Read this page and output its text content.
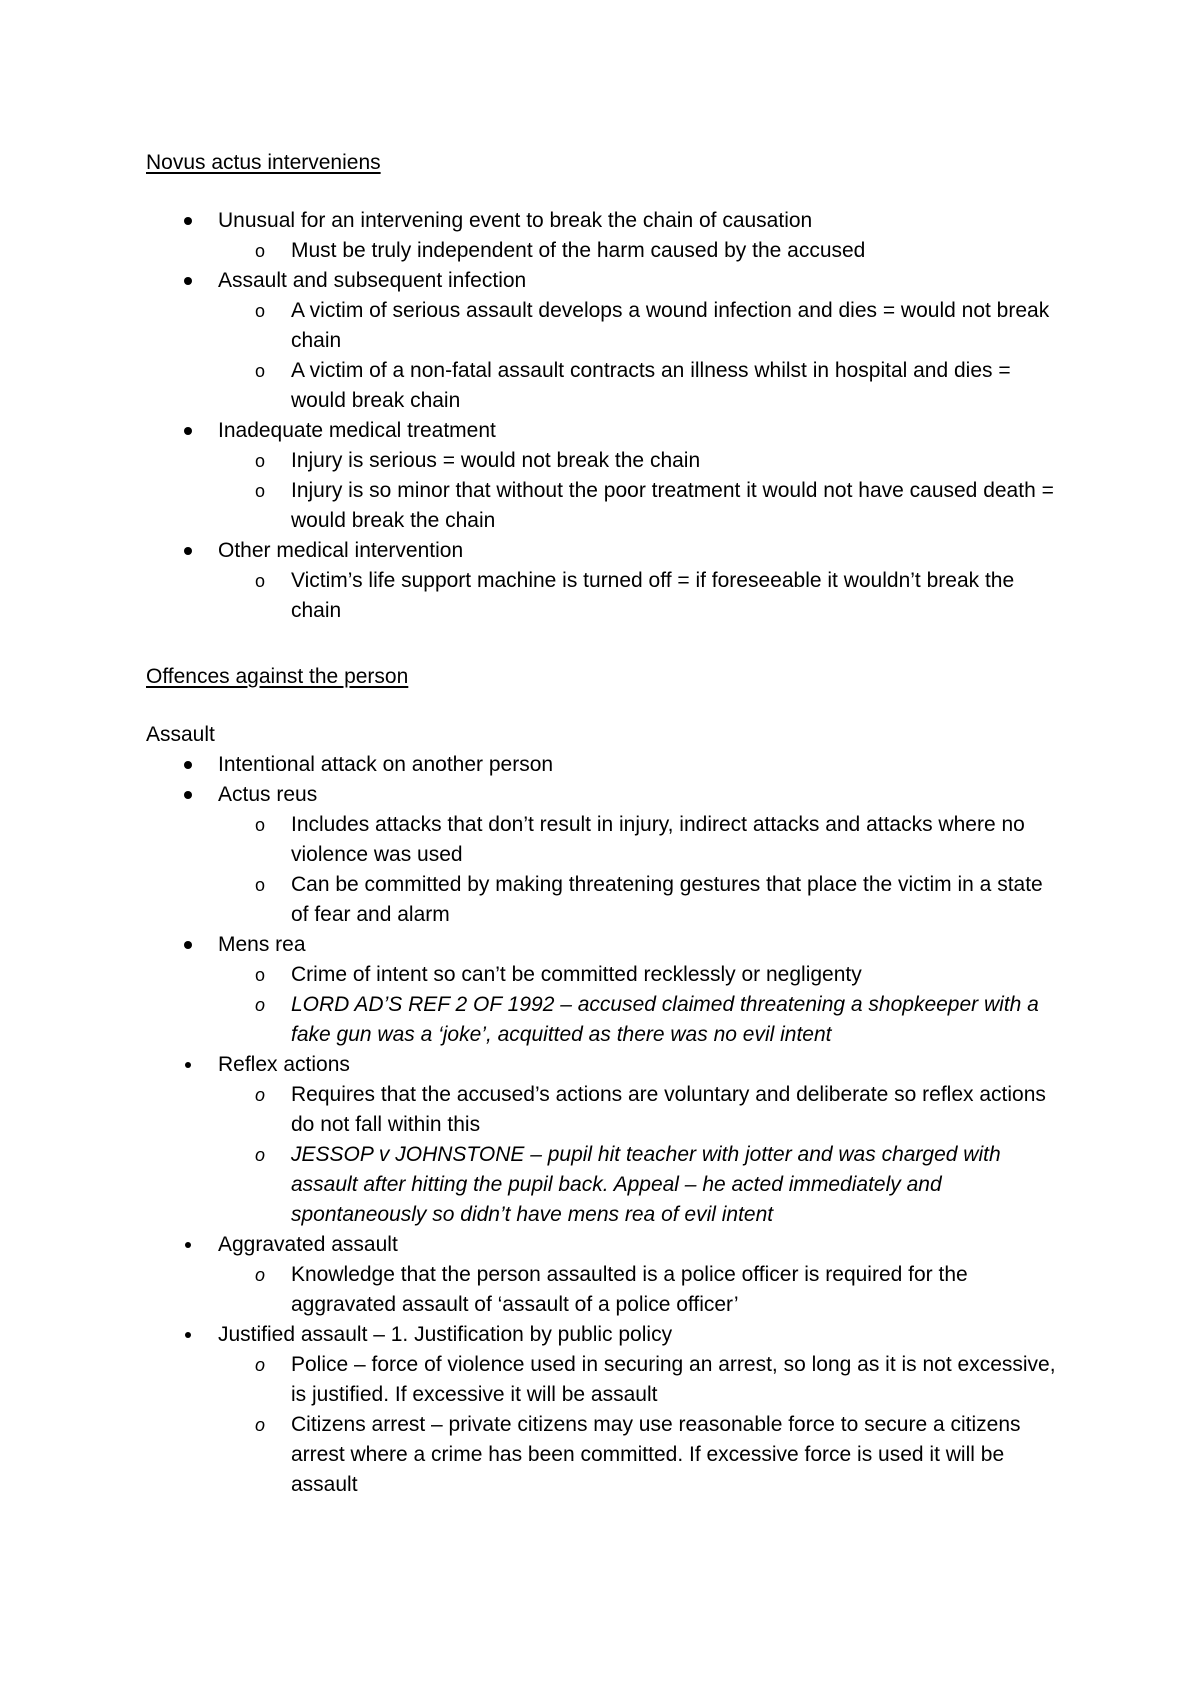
Novus actus interveniens
Unusual for an intervening event to break the chain of causation
o Must be truly independent of the harm caused by the accused
Assault and subsequent infection
o A victim of serious assault develops a wound infection and dies = would not break chain
o A victim of a non-fatal assault contracts an illness whilst in hospital and dies = would break chain
Inadequate medical treatment
o Injury is serious = would not break the chain
o Injury is so minor that without the poor treatment it would not have caused death = would break the chain
Other medical intervention
o Victim’s life support machine is turned off = if foreseeable it wouldn’t break the chain
Offences against the person
Assault
Intentional attack on another person
Actus reus
o Includes attacks that don’t result in injury, indirect attacks and attacks where no violence was used
o Can be committed by making threatening gestures that place the victim in a state of fear and alarm
Mens rea
o Crime of intent so can’t be committed recklessly or negligenty
o LORD AD’S REF 2 OF 1992 – accused claimed threatening a shopkeeper with a fake gun was a ‘joke’, acquitted as there was no evil intent
Reflex actions
o Requires that the accused’s actions are voluntary and deliberate so reflex actions do not fall within this
o JESSOP v JOHNSTONE – pupil hit teacher with jotter and was charged with assault after hitting the pupil back. Appeal – he acted immediately and spontaneously so didn’t have mens rea of evil intent
Aggravated assault
o Knowledge that the person assaulted is a police officer is required for the aggravated assault of ‘assault of a police officer’
Justified assault – 1. Justification by public policy
o Police – force of violence used in securing an arrest, so long as it is not excessive, is justified. If excessive it will be assault
o Citizens arrest – private citizens may use reasonable force to secure a citizens arrest where a crime has been committed. If excessive force is used it will be assault
